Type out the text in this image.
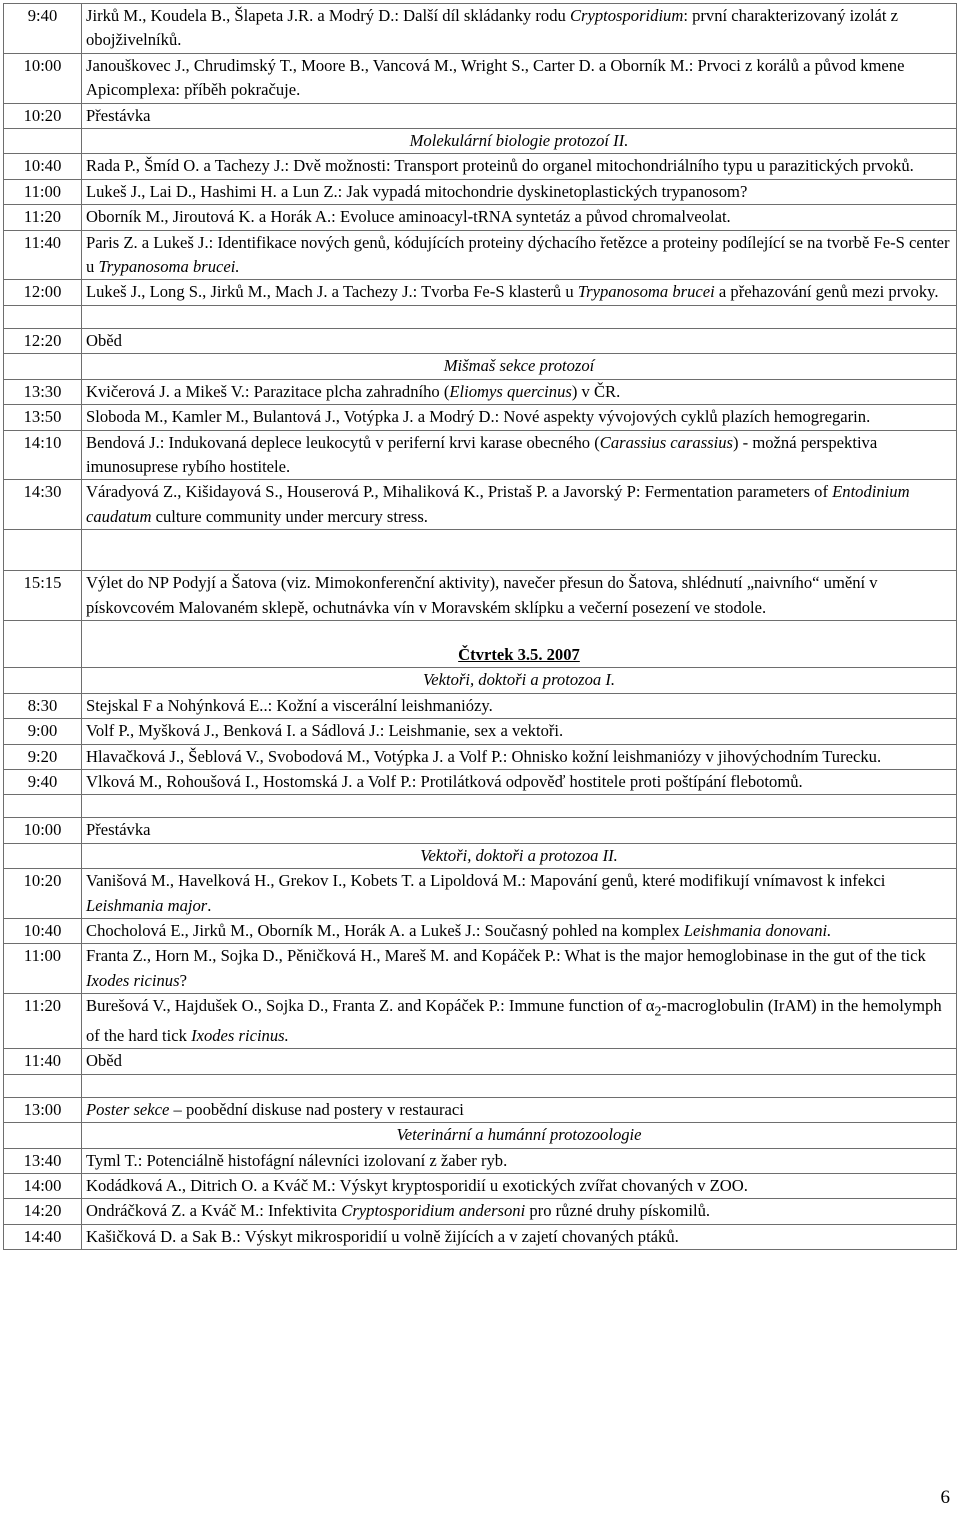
9:40	Jirků M., Koudela B., Šlapeta J.R. a Modrý D.: Další díl skládanky rodu Cryptosporidium: první charakterizovaný izolát z obojživelníků.
10:00	Janouškovec J., Chrudimský T., Moore B., Vancová M., Wright S., Carter D. a Oborník M.: Prvoci z korálů a původ kmene Apicomplexa: příběh pokračuje.
10:20	Přestávka
	Molekulární biologie protozoí II.
10:40	Rada P., Šmíd O. a Tachezy J.: Dvě možnosti: Transport proteinů do organel mitochondriálního typu u parazitických prvoků.
11:00	Lukeš J., Lai D., Hashimi H. a Lun Z.: Jak vypadá mitochondrie dyskinetoplastických trypanosom?
11:20	Oborník M., Jiroutová K. a Horák A.: Evoluce aminoacyl-tRNA syntetáz a původ chromalveolat.
11:40	Paris Z. a Lukeš J.: Identifikace nových genů, kódujících proteiny dýchacího řetězce a proteiny podílející se na tvorbě Fe-S center u Trypanosoma brucei.
12:00	Lukeš J., Long S., Jirků M., Mach J. a Tachezy J.: Tvorba Fe-S klasterů u Trypanosoma brucei a přehazování genů mezi prvoky.

12:20	Oběd
	Mišmaš sekce protozoí
13:30	Kvičerová J. a Mikeš V.: Parazitace plcha zahradního (Eliomys quercinus) v ČR.
13:50	Sloboda M., Kamler M., Bulantová J., Votýpka J. a Modrý D.: Nové aspekty vývojových cyklů plazích hemogregarin.
14:10	Bendová J.: Indukovaná deplece leukocytů v periferní krvi karase obecného (Carassius carassius) - možná perspektiva imunosuprese rybího hostitele.
14:30	Váradyová Z., Kišidayová S., Houserová P., Mihaliková K., Pristaš P. a Javorský P: Fermentation parameters of Entodinium caudatum culture community under mercury stress.

15:15	Výlet do NP Podyjí a Šatova (viz. Mimokonferenční aktivity), navečer přesun do Šatova, shlédnutí „naivního“ umění v pískovcovém Malovaném sklepě, ochutnávka vín v Moravském sklípku a večerní posezení ve stodole.
	Čtvrtek 3.5. 2007
	Vektoři, doktoři a protozoa I.
8:30	Stejskal F a Nohýnková E..: Kožní a viscerální leishmaniózy.
9:00	Volf P., Myšková J., Benková I. a Sádlová J.: Leishmanie, sex a vektoři.
9:20	Hlavačková J., Šeblová V., Svobodová M., Votýpka J. a Volf P.: Ohnisko kožní leishmaniózy v jihovýchodním Turecku.
9:40	Vlková M., Rohoušová I., Hostomská J. a Volf P.: Protilátková odpověď hostitele proti poštípání flebotomů.

10:00	Přestávka
	Vektoři, doktoři a protozoa II.
10:20	Vanišová M., Havelková H., Grekov I., Kobets T. a Lipoldová M.: Mapování genů, které modifikují vnímavost k infekci Leishmania major.
10:40	Chocholová E., Jirků M., Oborník M., Horák A. a Lukeš J.: Současný pohled na komplex Leishmania donovani.
11:00	Franta Z., Horn M., Sojka D., Pěničková H., Mareš M. and Kopáček P.: What is the major hemoglobinase in the gut of the tick Ixodes ricinus?
11:20	Burešová V., Hajdušek O., Sojka D., Franta Z. and Kopáček P.: Immune function of $\alpha_2$-macroglobulin (IrAM) in the hemolymph of the hard tick Ixodes ricinus.
11:40	Oběd

13:00	Poster sekce – poobědní diskuse nad postery v restauraci
	Veterinární a humánní protozoologie
13:40	Tyml T.: Potenciálně histofágní nálevníci izolovaní z žaber ryb.
14:00	Kodádková A., Ditrich O. a Kváč M.: Výskyt kryptosporidií u exotických zvířat chovaných v ZOO.
14:20	Ondráčková Z. a Kváč M.: Infektivita Cryptosporidium andersoni pro různé druhy pískomilů.
14:40	Kašičková D. a Sak B.: Výskyt mikrosporidií u volně žijících a v zajetí chovaných ptáků.
6
